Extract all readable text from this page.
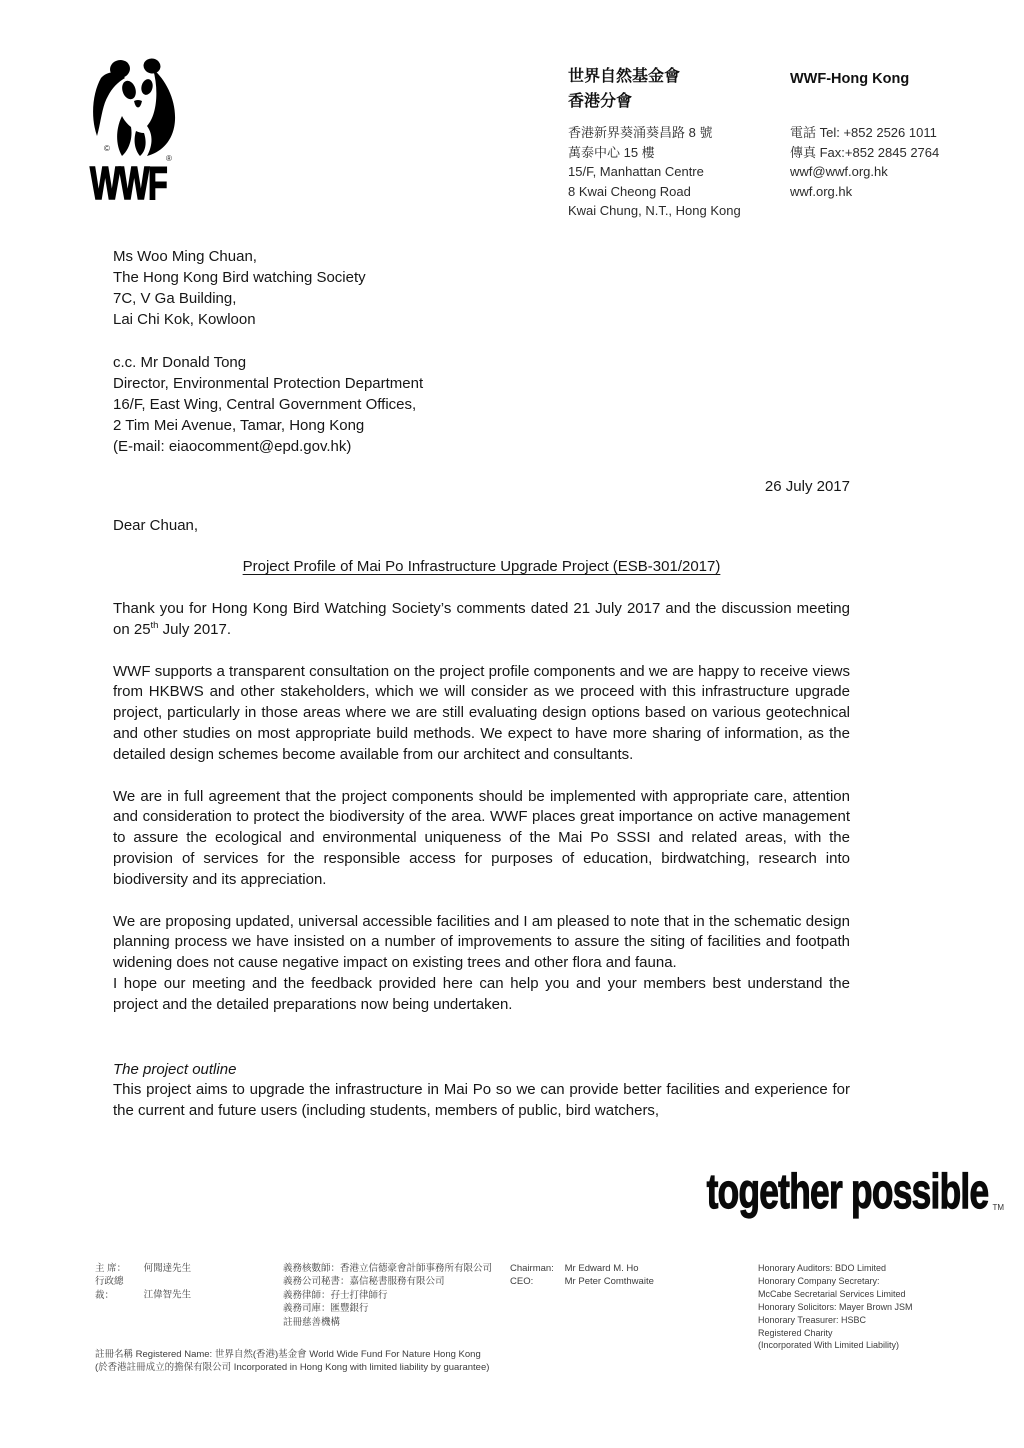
©
®
WWF
世界自然基金會
香港分會
WWF-Hong Kong
香港新界葵涌葵昌路 8 號
萬泰中心 15 樓
15/F, Manhattan Centre
8 Kwai Cheong Road
Kwai Chung, N.T., Hong Kong
電話 Tel: +852 2526 1011
傳真 Fax:+852 2845 2764
wwf@wwf.org.hk
wwf.org.hk
Ms Woo Ming Chuan,
The Hong Kong Bird watching Society
7C, V Ga Building,
Lai Chi Kok, Kowloon
c.c. Mr Donald Tong
Director, Environmental Protection Department
16/F, East Wing, Central Government Offices,
2 Tim Mei Avenue, Tamar, Hong Kong
(E-mail: eiaocomment@epd.gov.hk)
26 July 2017
Dear Chuan,
Project Profile of Mai Po Infrastructure Upgrade Project (ESB-301/2017)

Thank you for Hong Kong Bird Watching Society’s comments dated 21 July 2017 and the discussion meeting on 25th July 2017.

WWF supports a transparent consultation on the project profile components and we are happy to receive views from HKBWS and other stakeholders, which we will consider as we proceed with this infrastructure upgrade project, particularly in those areas where we are still evaluating design options based on various geotechnical and other studies on most appropriate build methods. We expect to have more sharing of information, as the detailed design schemes become available from our architect and consultants.

We are in full agreement that the project components should be implemented with appropriate care, attention and consideration to protect the biodiversity of the area. WWF places great importance on active management to assure the ecological and environmental uniqueness of the Mai Po SSSI and related areas, with the provision of services for the responsible access for purposes of education, birdwatching, research into biodiversity and its appreciation.

We are proposing updated, universal accessible facilities and I am pleased to note that in the schematic design planning process we have insisted on a number of improvements to assure the siting of facilities and footpath widening does not cause negative impact on existing trees and other flora and fauna.
I hope our meeting and the feedback provided here can help you and your members best understand the project and the detailed preparations now being undertaken.

The project outline

This project aims to upgrade the infrastructure in Mai Po so we can provide better facilities and experience for the current and future users (including students, members of public, bird watchers,

together possible TM
主 席： 何聞達先生
行政總裁：	江偉智先生
義務核數師：香港立信德豪會計師事務所有限公司
義務公司秘書：嘉信秘書服務有限公司
義務律師：孖士打律師行
義務司庫：匯豐銀行
註冊慈善機構
Chairman: Mr Edward M. Ho
CEO:	Mr Peter Comthwaite
Honorary Auditors: BDO Limited
Honorary Company Secretary:
McCabe Secretarial Services Limited
Honorary Solicitors: Mayer Brown JSM
Honorary Treasurer: HSBC
Registered Charity
(Incorporated With Limited Liability)
註冊名稱 Registered Name: 世界自然(香港)基金會 World Wide Fund For Nature Hong Kong
(於香港註冊成立的擔保有限公司 Incorporated in Hong Kong with limited liability by guarantee)
